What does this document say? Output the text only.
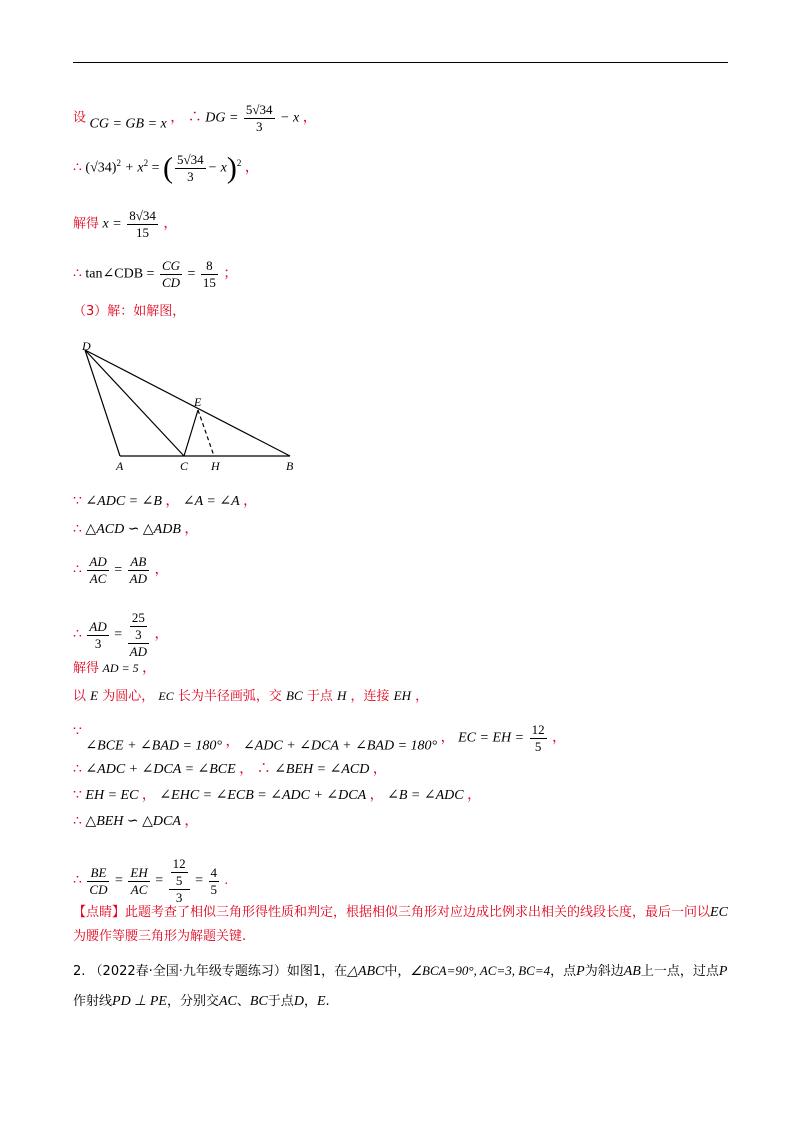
设 CG = GB = x ， ∴ DG = $\frac{5√34}{3} - x$ ，
∴ $(√34)^2 + x^2$ = ( $\frac{5√34}{3} - x)^2$ ，
解得 $x = \frac{8√34}{15}$ ，
∴ tan∠CDB = $\frac{CG}{CD} = \frac{8}{15}$ ；
（3）解：如解图，
D
E
A	C H	B
∵ ∠ADC = ∠B ， ∠A = ∠A ，
∴ △ACD ∽ △ADB ，
∴ $\frac{AD}{AC} = \frac{AB}{AD}$ ，
∴ $\frac{AD}{3} = \frac{\frac{25}{3}}{AD}$ ，
解得 AD = 5 ，
以 E 为圆心， EC 长为半径画弧，交 BC 于点 H ，连接 EH ，
∵ ∠BCE + ∠BAD = 180° ， ∠ADC + ∠DCA + ∠BAD = 180° ， EC = EH = $\frac{12}{5}$ ，
∴ ∠ADC + ∠DCA = ∠BCE ， ∴ ∠BEH = ∠ACD ，
∵ EH = EC ， ∠EHC = ∠ECB = ∠ADC + ∠DCA ， ∠B = ∠ADC ，
∴ △BEH ∽ △DCA ，
∴ $\frac{BE}{CD} = \frac{EH}{AC} = \frac{\frac{12}{5}}{3} = \frac{4}{5}$ .
【点睛】此题考查了相似三角形得性质和判定，根据相似三角形对应边成比例求出相关的线段长度，最后一问以EC为腰作等腰三角形为解题关键.
2. （2022春·全国·九年级专题练习）如图1，在△ABC中，∠BCA=90°, AC=3, BC=4，点P为斜边AB上一点，过点P作射线PD ⊥ PE，分别交AC、BC于点D，E.
